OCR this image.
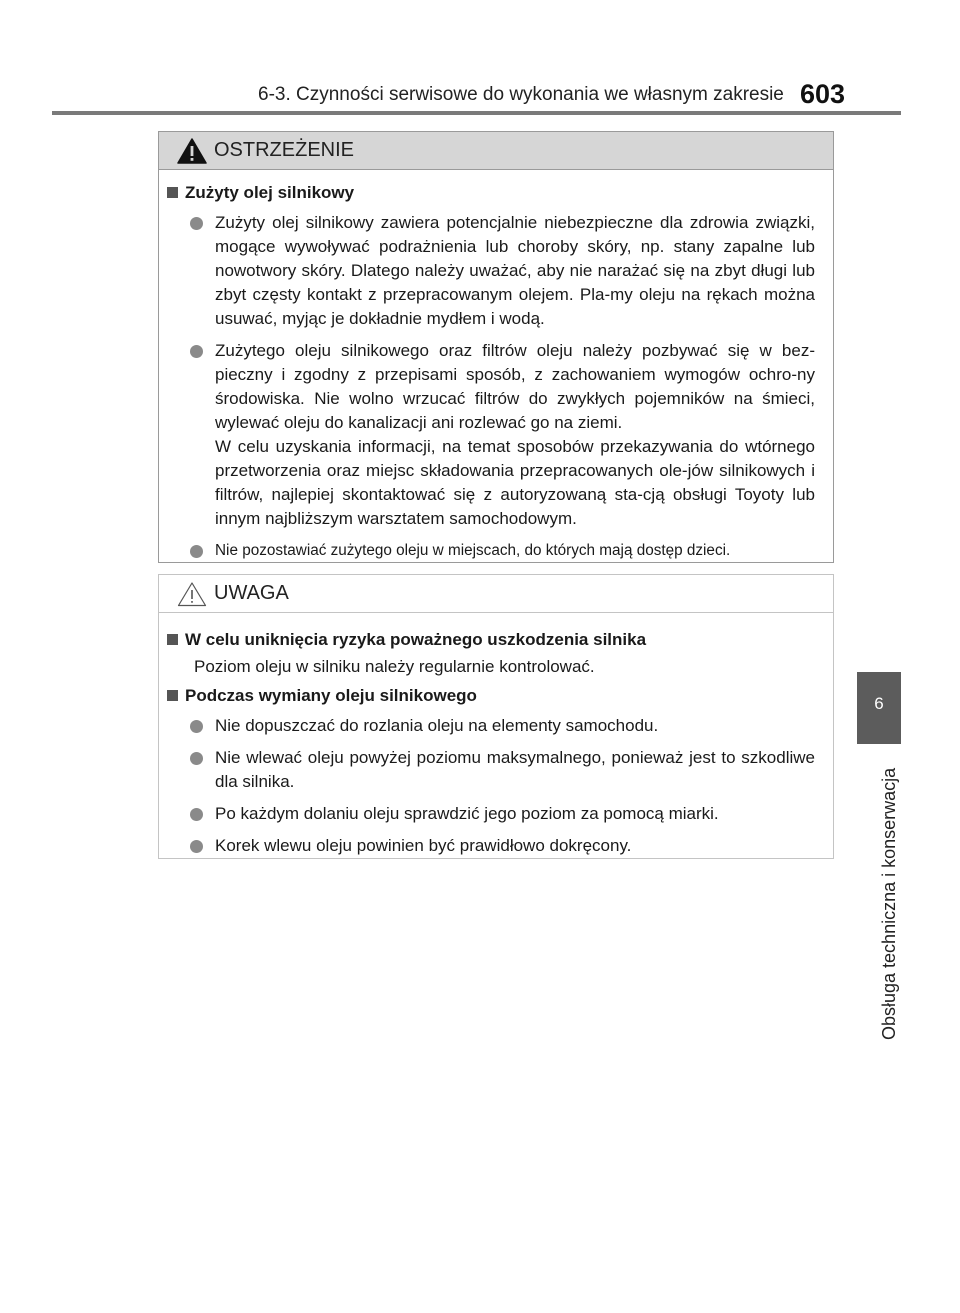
6-3. Czynności serwisowe do wykonania we własnym zakresie 603
6
Obsługa techniczna i konserwacja
OSTRZEŻENIE
Zużyty olej silnikowy
Zużyty olej silnikowy zawiera potencjalnie niebezpieczne dla zdrowia związki, mogące wywoływać podrażnienia lub choroby skóry, np. stany zapalne lub nowotwory skóry. Dlatego należy uważać, aby nie narażać się na zbyt długi lub zbyt częsty kontakt z przepracowanym olejem. Pla-my oleju na rękach można usuwać, myjąc je dokładnie mydłem i wodą.
Zużytego oleju silnikowego oraz filtrów oleju należy pozbywać się w bez-pieczny i zgodny z przepisami sposób, z zachowaniem wymogów ochro-ny środowiska. Nie wolno wrzucać filtrów do zwykłych pojemników na śmieci, wylewać oleju do kanalizacji ani rozlewać go na ziemi.
W celu uzyskania informacji, na temat sposobów przekazywania do wtórnego przetworzenia oraz miejsc składowania przepracowanych ole-jów silnikowych i filtrów, najlepiej skontaktować się z autoryzowaną sta-cją obsługi Toyoty lub innym najbliższym warsztatem samochodowym.
Nie pozostawiać zużytego oleju w miejscach, do których mają dostęp dzieci.
UWAGA
W celu uniknięcia ryzyka poważnego uszkodzenia silnika
Poziom oleju w silniku należy regularnie kontrolować.
Podczas wymiany oleju silnikowego
Nie dopuszczać do rozlania oleju na elementy samochodu.
Nie wlewać oleju powyżej poziomu maksymalnego, ponieważ jest to szkodliwe dla silnika.
Po każdym dolaniu oleju sprawdzić jego poziom za pomocą miarki.
Korek wlewu oleju powinien być prawidłowo dokręcony.
